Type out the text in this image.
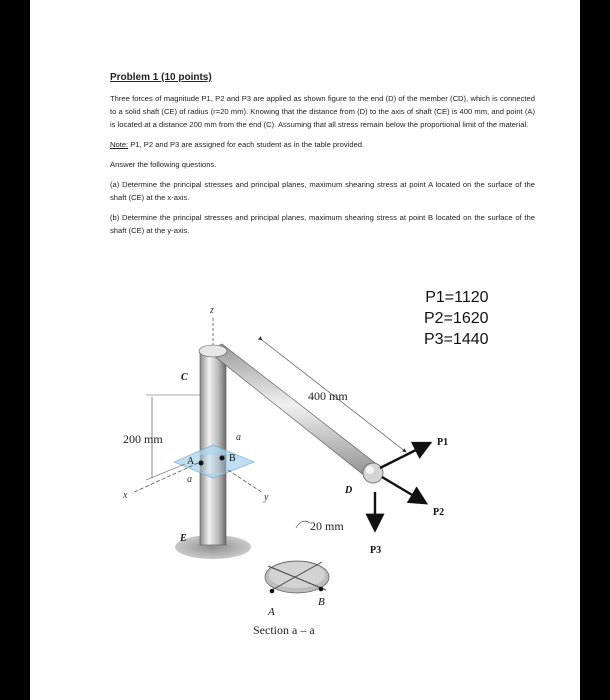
Problem 1 (10 points)

Three forces of magnitude P1, P2 and P3 are applied as shown figure to the end (D) of the member (CD), which is connected to a solid shaft (CE) of radius (r=20 mm). Knowing that the distance from (D) to the axis of shaft (CE) is 400 mm, and point (A) is located at a distance 200 mm from the end (C). Assuming that all stress remain below the proportional limit of the material.

Note: P1, P2 and P3 are assigned for each student as in the table provided.

Answer the following questions.

(a) Determine the principal stresses and principal planes, maximum shearing stress at point A located on the surface of the shaft (CE) at the x-axis.

(b) Determine the principal stresses and principal planes, maximum shearing stress at point B located on the surface of the shaft (CE) at the y-axis.

P1=1120
P2=1620
P3=1440
z
x	y
A	B
a
a
C
E
D
400 mm
200 mm	P1
P2
P3
20 mm
A
B
Section a – a
